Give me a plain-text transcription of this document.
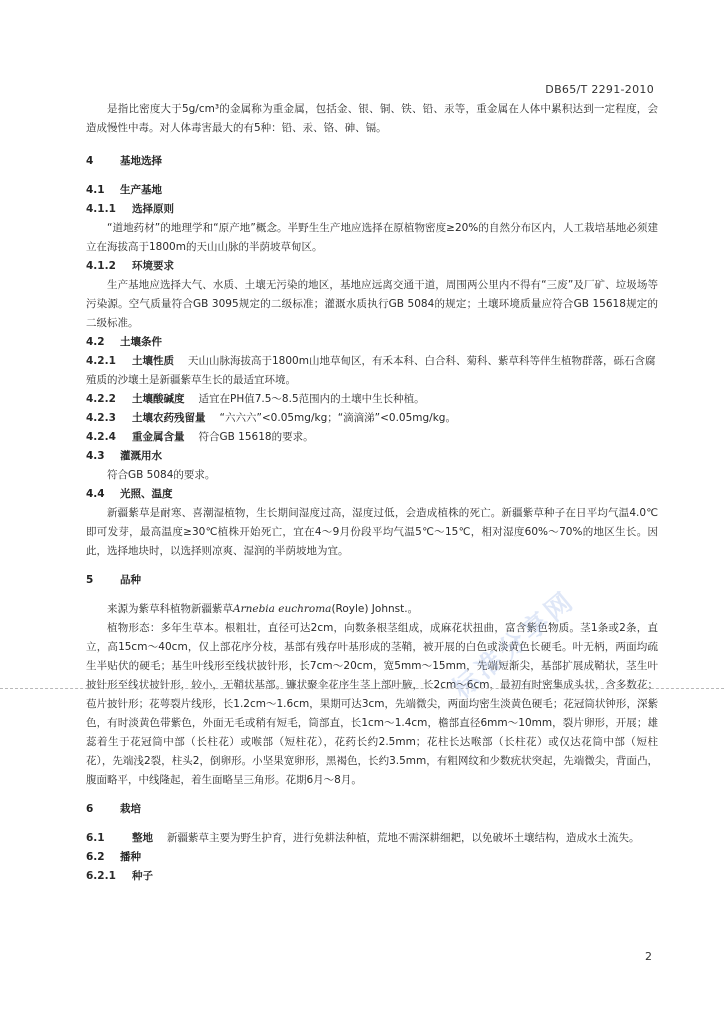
DB65/T 2291-2010

是指比密度大于5g/cm³的金属称为重金属，包括金、银、铜、铁、铅、汞等，重金属在人体中累积达到一定程度，会造成慢性中毒。对人体毒害最大的有5种：铅、汞、铬、砷、镉。

4	基地选择

4.1 生产基地

4.1.1 选择原则

“道地药材”的地理学和“原产地”概念。半野生生产地应选择在原植物密度≥20%的自然分布区内，人工栽培基地必须建立在海拔高于1800m的天山山脉的半荫坡草甸区。

4.1.2 环境要求

生产基地应选择大气、水质、土壤无污染的地区，基地应远离交通干道，周围两公里内不得有“三废”及厂矿、垃圾场等污染源。空气质量符合GB 3095规定的二级标准；灌溉水质执行GB 5084的规定；土壤环境质量应符合GB 15618规定的二级标准。

4.2 土壤条件

4.2.1 土壤性质 天山山脉海拔高于1800m山地草甸区，有禾本科、白合科、菊科、紫草科等伴生植物群落，砾石含腐殖质的沙壤土是新疆紫草生长的最适宜环境。

4.2.2 土壤酸碱度 适宜在PH值7.5～8.5范围内的土壤中生长种植。

4.2.3 土壤农药残留量 “六六六”<0.05mg/kg；“滴滴涕”<0.05mg/kg。

4.2.4 重金属含量 符合GB 15618的要求。

4.3 灌溉用水

符合GB 5084的要求。

4.4 光照、温度

新疆紫草是耐寒、喜潮湿植物，生长期间湿度过高，湿度过低，会造成植株的死亡。新疆紫草种子在日平均气温4.0℃即可发芽，最高温度≥30℃植株开始死亡，宜在4～9月份段平均气温5℃～15℃，相对湿度60%～70%的地区生长。因此，选择地块时，以选择则凉爽、湿润的半荫坡地为宜。

5	品种

来源为紫草科植物新疆紫草Arnebia euchroma(Royle) Johnst.。

植物形态：多年生草本。根粗壮，直径可达2cm，向数条根茎组成，成麻花状扭曲，富含紫色物质。茎1条或2条，直立，高15cm～40cm，仅上部花序分枝，基部有残存叶基形成的茎鞘，被开展的白色或淡黄色长硬毛。叶无柄，两面均疏生半贴伏的硬毛；基生叶线形至线状披针形，长7cm～20cm，宽5mm～15mm，先端短渐尖，基部扩展成鞘状，茎生叶披针形至线状披针形，较小，无鞘状基部。镰状聚伞花序生茎上部叶腋，长2cm～6cm，最初有时密集成头状，含多数花；苞片披针形；花萼裂片线形，长1.2cm～1.6cm，果期可达3cm，先端微尖，两面均密生淡黄色硬毛；花冠筒状钟形，深紫色，有时淡黄色带紫色，外面无毛或稍有短毛，筒部直，长1cm～1.4cm，檐部直径6mm～10mm，裂片卵形，开展；雄蕊着生于花冠筒中部（长柱花）或喉部（短柱花），花药长约2.5mm；花柱长达喉部（长柱花）或仅达花筒中部（短柱花），先端浅2裂，柱头2，倒卵形。小坚果宽卵形，黑褐色，长约3.5mm，有粗网纹和少数疣状突起，先端微尖，背面凸，腹面略平，中线隆起，着生面略呈三角形。花期6月～8月。

6	栽培

6.1	整地 新疆紫草主要为野生护育，进行免耕法种植，荒地不需深耕细耙，以免破坏土壤结构，造成水土流失。

6.2 播种

6.2.1 种子

标准分享网
2
